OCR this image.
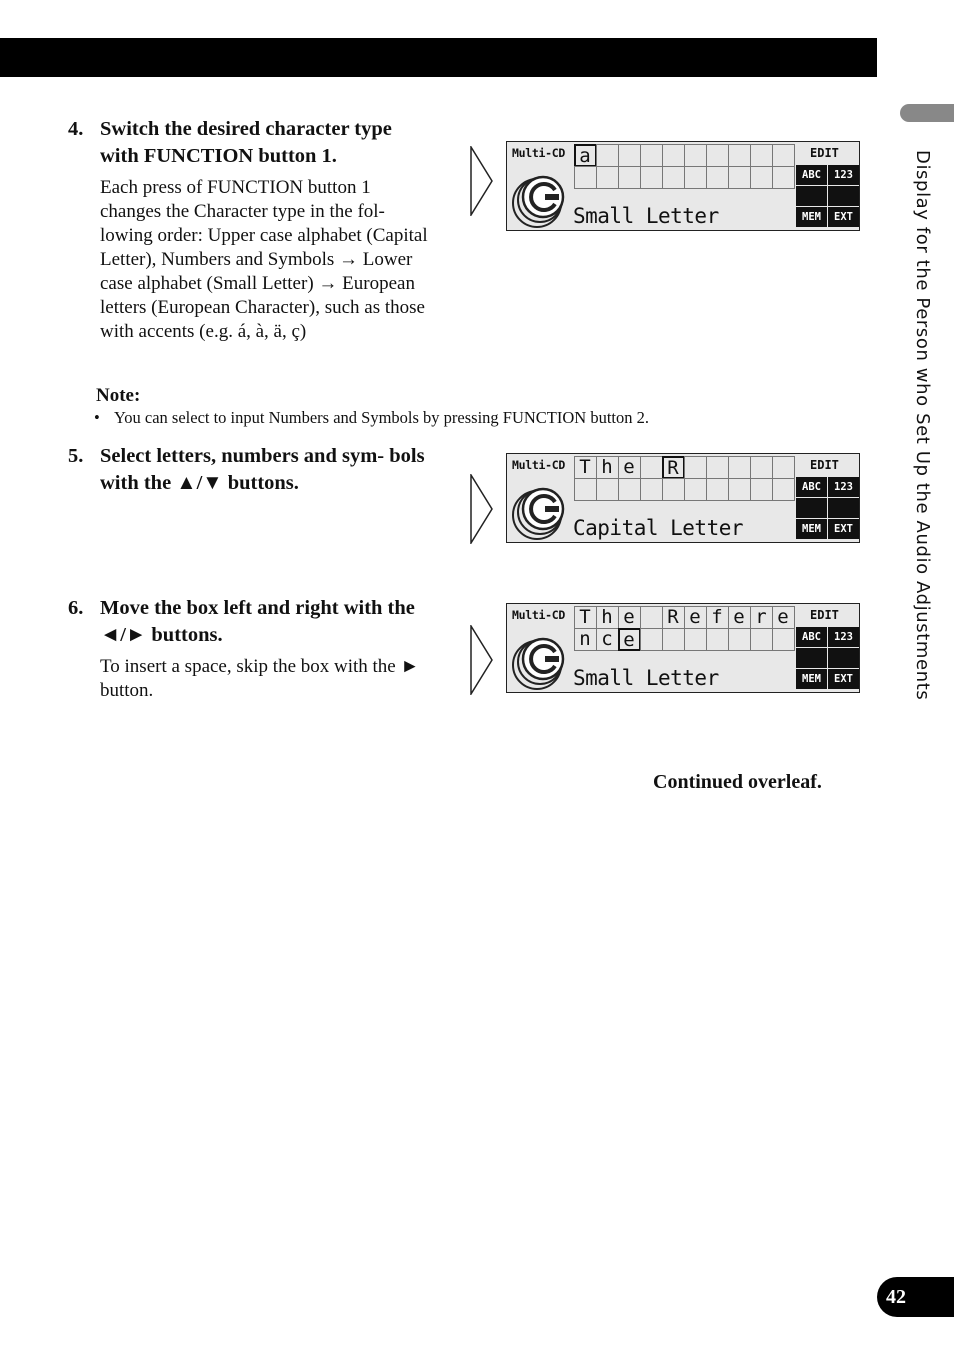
Display for the Person who Set Up the Audio Adjustments
4. Switch the desired character type with FUNCTION button 1.
Each press of FUNCTION button 1 changes the Character type in the fol- lowing order: Upper case alphabet (Capital Letter), Numbers and Symbols → Lower case alphabet (Small Letter) → European letters (European Character), such as those with accents (e.g. á, à, ä, ç)
Note:
• You can select to input Numbers and Symbols by pressing FUNCTION button 2.
5. Select letters, numbers and sym- bols with the ▲/▼ buttons.
6. Move the box left and right with the ◄/► buttons.
To insert a space, skip the box with the ► button.
Multi-CD a
Small Letter
EDIT
ABC	123
MEM	EXT
Multi-CD T h e	R
Capital Letter
EDIT
ABC	123
MEM	EXT
Multi-CD T h e	R e f e r e
n c e
Small Letter
EDIT
ABC	123
MEM	EXT
Continued overleaf.
42
